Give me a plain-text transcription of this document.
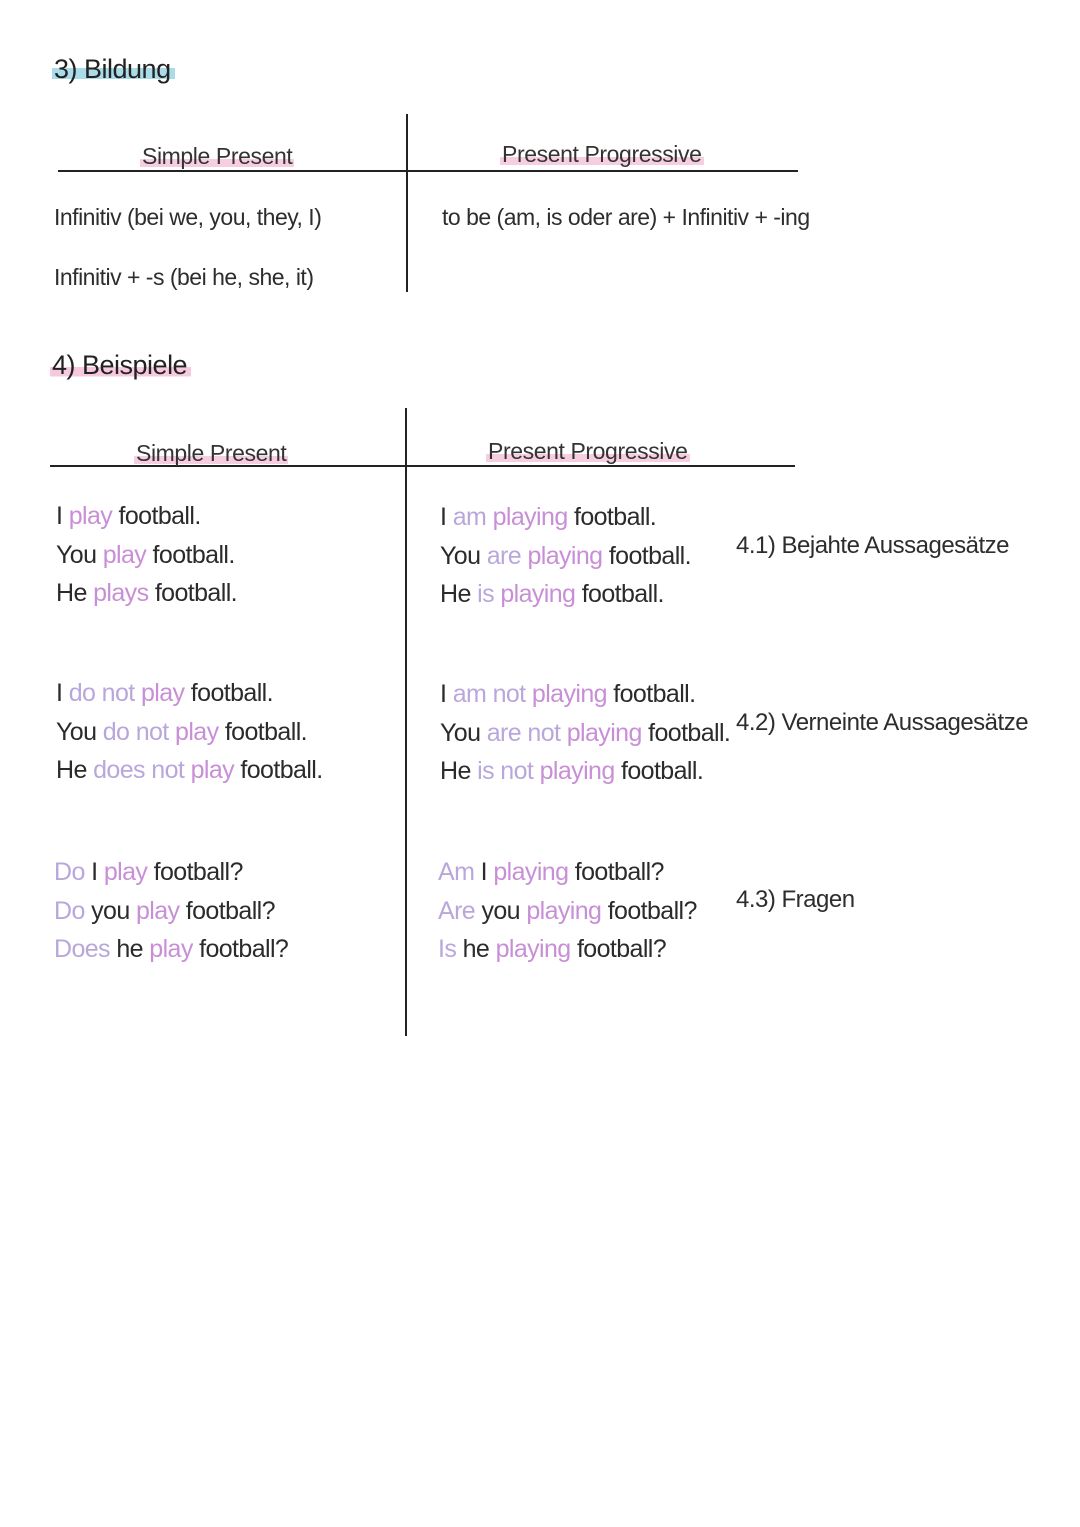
3) Bildung
Simple Present	Present Progressive
Infinitiv (bei we, you, they, I)
Infinitiv + -s (bei he, she, it)
to be (am, is oder are) + Infinitiv + -ing
4) Beispiele
Simple Present	Present Progressive
I play football.
You play football.
He plays football.
I am playing football.
You are playing football.
He is playing football.
4.1) Bejahte Aussagesätze
I do not play football.
You do not play football.
He does not play football.
I am not playing football.
You are not playing football.
He is not playing football.
4.2) Verneinte Aussagesätze
Do I play football?
Do you play football?
Does he play football?
Am I playing football?
Are you playing football?
Is he playing football?
4.3) Fragen
